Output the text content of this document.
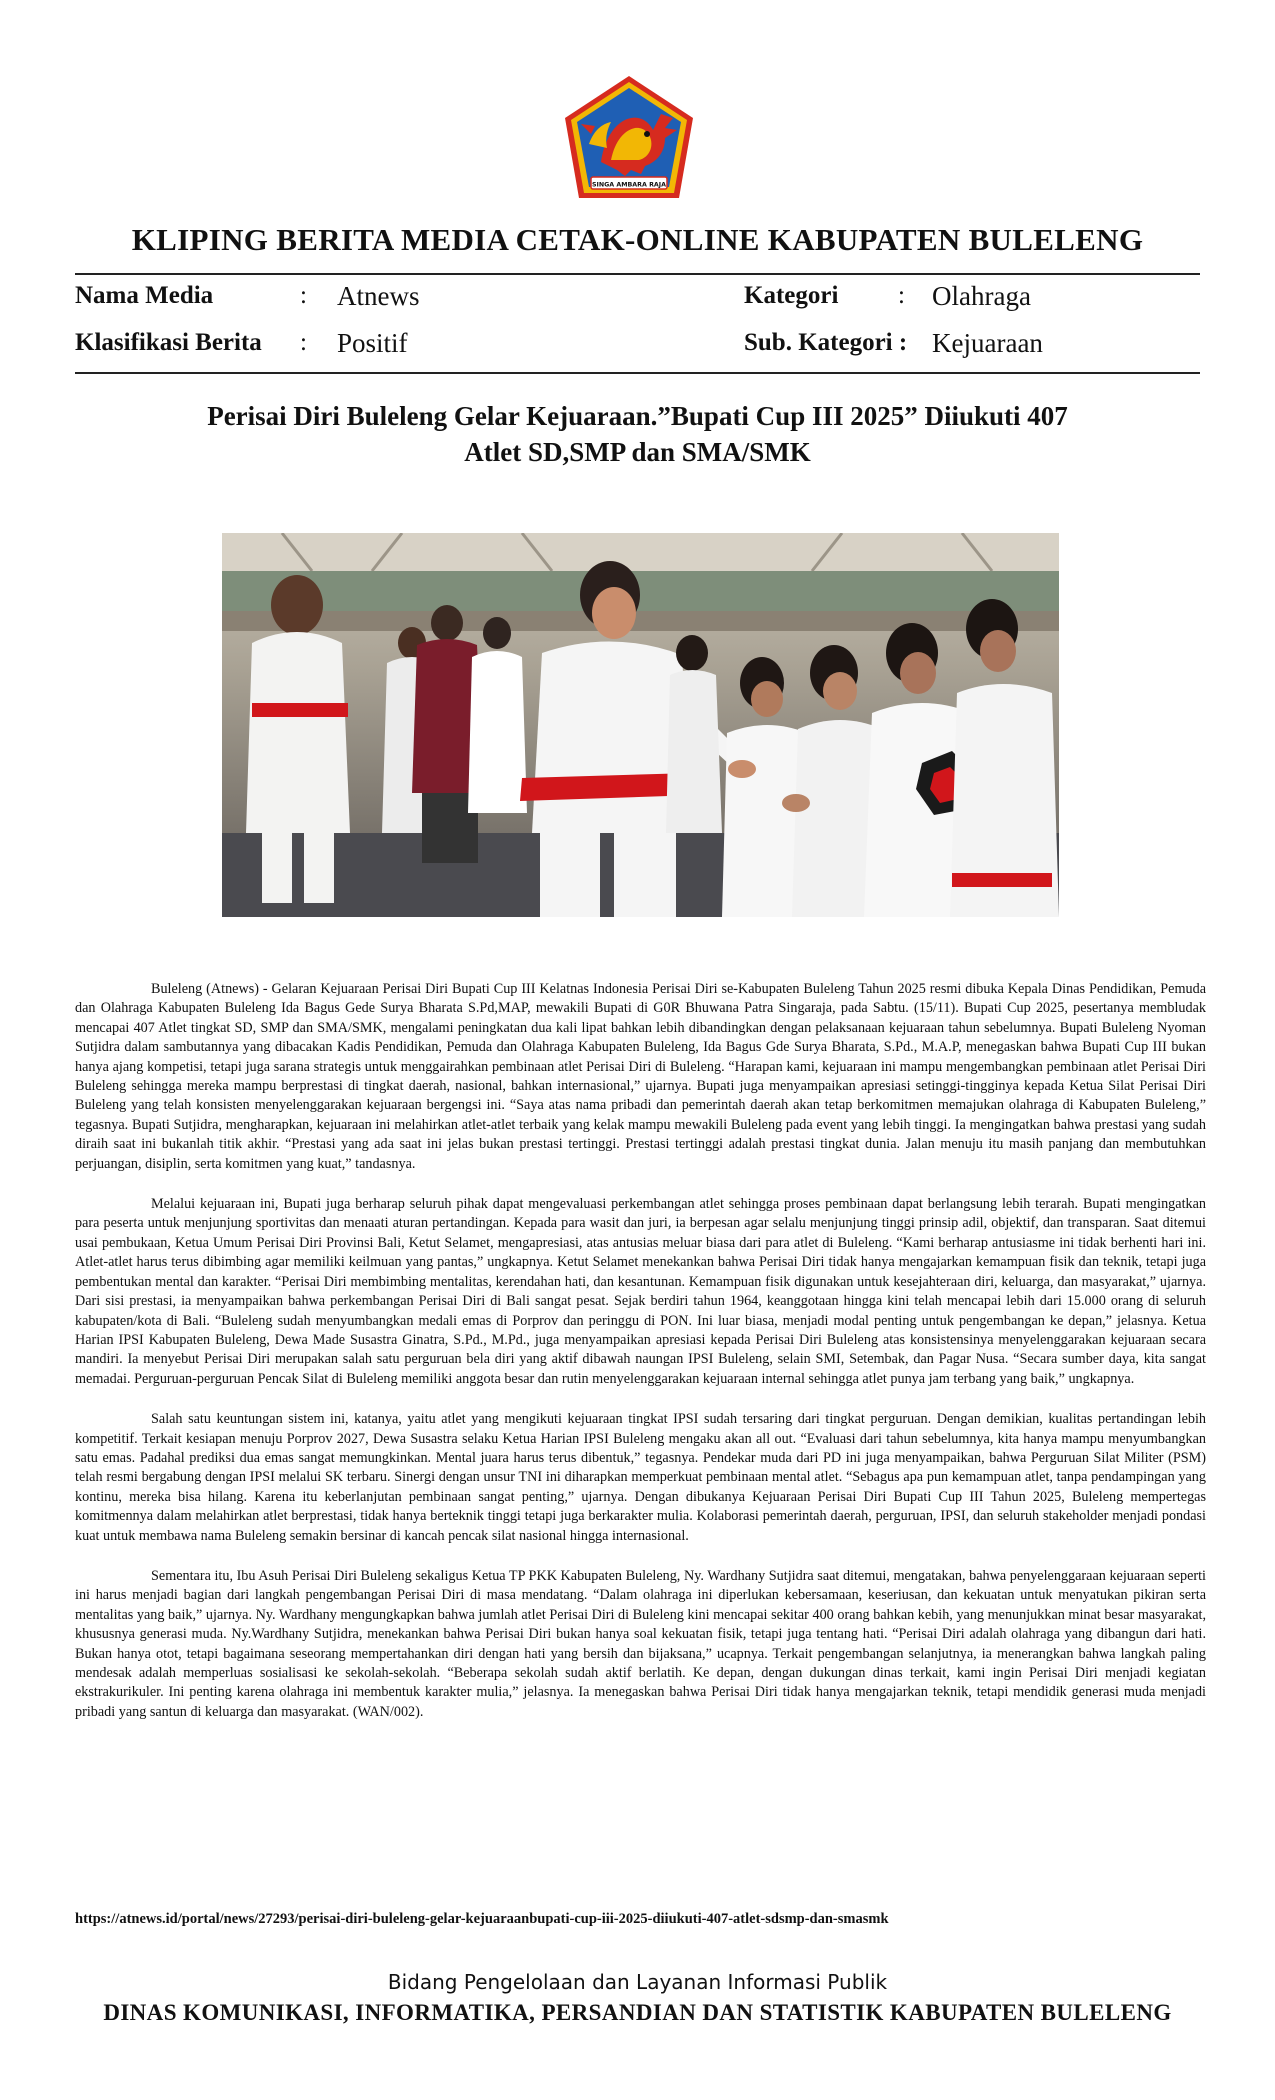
SINGA AMBARA RAJA
KLIPING BERITA MEDIA CETAK-ONLINE KABUPATEN BULELENG
Nama Media	: Atnews	Kategori : Olahraga
Klasifikasi Berita : Positif	Sub. Kategori : Kejuaraan
Perisai Diri Buleleng Gelar Kejuaraan.”Bupati Cup III 2025” Diiukuti 407
Atlet SD,SMP dan SMA/SMK

Buleleng (Atnews) - Gelaran Kejuaraan Perisai Diri Bupati Cup III Kelatnas Indonesia Perisai Diri se-Kabupaten Buleleng Tahun 2025 resmi dibuka Kepala Dinas Pendidikan, Pemuda dan Olahraga Kabupaten Buleleng Ida Bagus Gede Surya Bharata S.Pd,MAP, mewakili Bupati di G0R Bhuwana Patra Singaraja, pada Sabtu. (15/11). Bupati Cup 2025, pesertanya membludak mencapai 407 Atlet tingkat SD, SMP dan SMA/SMK, mengalami peningkatan dua kali lipat bahkan lebih dibandingkan dengan pelaksanaan kejuaraan tahun sebelumnya. Bupati Buleleng Nyoman Sutjidra dalam sambutannya yang dibacakan Kadis Pendidikan, Pemuda dan Olahraga Kabupaten Buleleng, Ida Bagus Gde Surya Bharata, S.Pd., M.A.P, menegaskan bahwa Bupati Cup III bukan hanya ajang kompetisi, tetapi juga sarana strategis untuk menggairahkan pembinaan atlet Perisai Diri di Buleleng. “Harapan kami, kejuaraan ini mampu mengembangkan pembinaan atlet Perisai Diri Buleleng sehingga mereka mampu berprestasi di tingkat daerah, nasional, bahkan internasional,” ujarnya. Bupati juga menyampaikan apresiasi setinggi-tingginya kepada Ketua Silat Perisai Diri Buleleng yang telah konsisten menyelenggarakan kejuaraan bergengsi ini. “Saya atas nama pribadi dan pemerintah daerah akan tetap berkomitmen memajukan olahraga di Kabupaten Buleleng,” tegasnya. Bupati Sutjidra, mengharapkan, kejuaraan ini melahirkan atlet-atlet terbaik yang kelak mampu mewakili Buleleng pada event yang lebih tinggi. Ia mengingatkan bahwa prestasi yang sudah diraih saat ini bukanlah titik akhir. “Prestasi yang ada saat ini jelas bukan prestasi tertinggi. Prestasi tertinggi adalah prestasi tingkat dunia. Jalan menuju itu masih panjang dan membutuhkan perjuangan, disiplin, serta komitmen yang kuat,” tandasnya.

Melalui kejuaraan ini, Bupati juga berharap seluruh pihak dapat mengevaluasi perkembangan atlet sehingga proses pembinaan dapat berlangsung lebih terarah. Bupati mengingatkan para peserta untuk menjunjung sportivitas dan menaati aturan pertandingan. Kepada para wasit dan juri, ia berpesan agar selalu menjunjung tinggi prinsip adil, objektif, dan transparan. Saat ditemui usai pembukaan, Ketua Umum Perisai Diri Provinsi Bali, Ketut Selamet, mengapresiasi, atas antusias meluar biasa dari para atlet di Buleleng. “Kami berharap antusiasme ini tidak berhenti hari ini. Atlet-atlet harus terus dibimbing agar memiliki keilmuan yang pantas,” ungkapnya. Ketut Selamet menekankan bahwa Perisai Diri tidak hanya mengajarkan kemampuan fisik dan teknik, tetapi juga pembentukan mental dan karakter. “Perisai Diri membimbing mentalitas, kerendahan hati, dan kesantunan. Kemampuan fisik digunakan untuk kesejahteraan diri, keluarga, dan masyarakat,” ujarnya. Dari sisi prestasi, ia menyampaikan bahwa perkembangan Perisai Diri di Bali sangat pesat. Sejak berdiri tahun 1964, keanggotaan hingga kini telah mencapai lebih dari 15.000 orang di seluruh kabupaten/kota di Bali. “Buleleng sudah menyumbangkan medali emas di Porprov dan peringgu di PON. Ini luar biasa, menjadi modal penting untuk pengembangan ke depan,” jelasnya. Ketua Harian IPSI Kabupaten Buleleng, Dewa Made Susastra Ginatra, S.Pd., M.Pd., juga menyampaikan apresiasi kepada Perisai Diri Buleleng atas konsistensinya menyelenggarakan kejuaraan secara mandiri. Ia menyebut Perisai Diri merupakan salah satu perguruan bela diri yang aktif dibawah naungan IPSI Buleleng, selain SMI, Setembak, dan Pagar Nusa. “Secara sumber daya, kita sangat memadai. Perguruan-perguruan Pencak Silat di Buleleng memiliki anggota besar dan rutin menyelenggarakan kejuaraan internal sehingga atlet punya jam terbang yang baik,” ungkapnya.

Salah satu keuntungan sistem ini, katanya, yaitu atlet yang mengikuti kejuaraan tingkat IPSI sudah tersaring dari tingkat perguruan. Dengan demikian, kualitas pertandingan lebih kompetitif. Terkait kesiapan menuju Porprov 2027, Dewa Susastra selaku Ketua Harian IPSI Buleleng mengaku akan all out. “Evaluasi dari tahun sebelumnya, kita hanya mampu menyumbangkan satu emas. Padahal prediksi dua emas sangat memungkinkan. Mental juara harus terus dibentuk,” tegasnya. Pendekar muda dari PD ini juga menyampaikan, bahwa Perguruan Silat Militer (PSM) telah resmi bergabung dengan IPSI melalui SK terbaru. Sinergi dengan unsur TNI ini diharapkan memperkuat pembinaan mental atlet. “Sebagus apa pun kemampuan atlet, tanpa pendampingan yang kontinu, mereka bisa hilang. Karena itu keberlanjutan pembinaan sangat penting,” ujarnya. Dengan dibukanya Kejuaraan Perisai Diri Bupati Cup III Tahun 2025, Buleleng mempertegas komitmennya dalam melahirkan atlet berprestasi, tidak hanya berteknik tinggi tetapi juga berkarakter mulia. Kolaborasi pemerintah daerah, perguruan, IPSI, dan seluruh stakeholder menjadi pondasi kuat untuk membawa nama Buleleng semakin bersinar di kancah pencak silat nasional hingga internasional.

Sementara itu, Ibu Asuh Perisai Diri Buleleng sekaligus Ketua TP PKK Kabupaten Buleleng, Ny. Wardhany Sutjidra saat ditemui, mengatakan, bahwa penyelenggaraan kejuaraan seperti ini harus menjadi bagian dari langkah pengembangan Perisai Diri di masa mendatang. “Dalam olahraga ini diperlukan kebersamaan, keseriusan, dan kekuatan untuk menyatukan pikiran serta mentalitas yang baik,” ujarnya. Ny. Wardhany mengungkapkan bahwa jumlah atlet Perisai Diri di Buleleng kini mencapai sekitar 400 orang bahkan kebih, yang menunjukkan minat besar masyarakat, khususnya generasi muda. Ny.Wardhany Sutjidra, menekankan bahwa Perisai Diri bukan hanya soal kekuatan fisik, tetapi juga tentang hati. “Perisai Diri adalah olahraga yang dibangun dari hati. Bukan hanya otot, tetapi bagaimana seseorang mempertahankan diri dengan hati yang bersih dan bijaksana,” ucapnya. Terkait pengembangan selanjutnya, ia menerangkan bahwa langkah paling mendesak adalah memperluas sosialisasi ke sekolah-sekolah. “Beberapa sekolah sudah aktif berlatih. Ke depan, dengan dukungan dinas terkait, kami ingin Perisai Diri menjadi kegiatan ekstrakurikuler. Ini penting karena olahraga ini membentuk karakter mulia,” jelasnya. Ia menegaskan bahwa Perisai Diri tidak hanya mengajarkan teknik, tetapi mendidik generasi muda menjadi pribadi yang santun di keluarga dan masyarakat. (WAN/002).

https://atnews.id/portal/news/27293/perisai-diri-buleleng-gelar-kejuaraanbupati-cup-iii-2025-diiukuti-407-atlet-sdsmp-dan-smasmk
Bidang Pengelolaan dan Layanan Informasi Publik
DINAS KOMUNIKASI, INFORMATIKA, PERSANDIAN DAN STATISTIK KABUPATEN BULELENG
